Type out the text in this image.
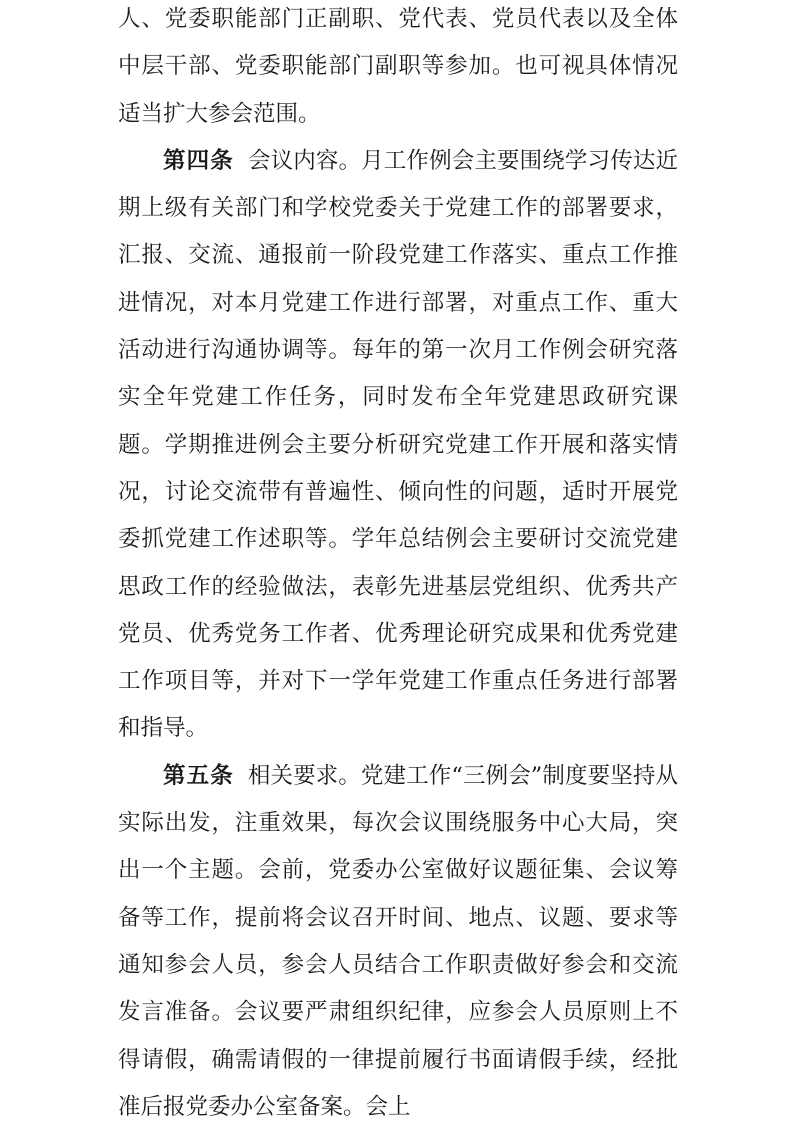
人、党委职能部门正副职、党代表、党员代表以及全体中层干部、党委职能部门副职等参加。也可视具体情况适当扩大参会范围。

第四条 会议内容。月工作例会主要围绕学习传达近期上级有关部门和学校党委关于党建工作的部署要求，汇报、交流、通报前一阶段党建工作落实、重点工作推进情况，对本月党建工作进行部署，对重点工作、重大活动进行沟通协调等。每年的第一次月工作例会研究落实全年党建工作任务，同时发布全年党建思政研究课题。学期推进例会主要分析研究党建工作开展和落实情况，讨论交流带有普遍性、倾向性的问题，适时开展党委抓党建工作述职等。学年总结例会主要研讨交流党建思政工作的经验做法，表彰先进基层党组织、优秀共产党员、优秀党务工作者、优秀理论研究成果和优秀党建工作项目等，并对下一学年党建工作重点任务进行部署和指导。

第五条 相关要求。党建工作“三例会”制度要坚持从实际出发，注重效果，每次会议围绕服务中心大局，突出一个主题。会前，党委办公室做好议题征集、会议筹备等工作，提前将会议召开时间、地点、议题、要求等通知参会人员，参会人员结合工作职责做好参会和交流发言准备。会议要严肃组织纪律，应参会人员原则上不得请假，确需请假的一律提前履行书面请假手续，经批准后报党委办公室备案。会上
